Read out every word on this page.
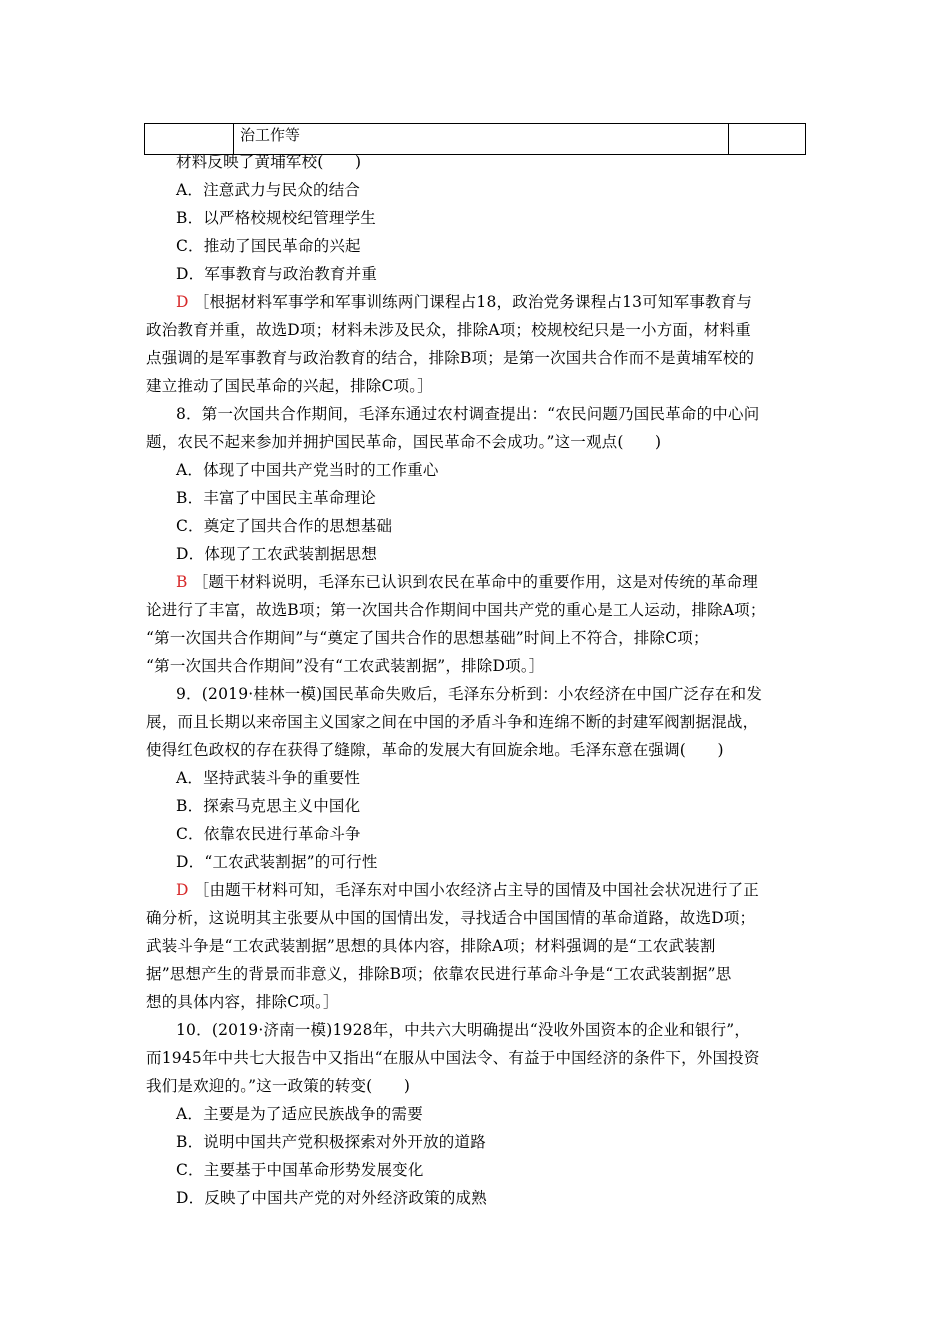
	治工作等	
材料反映了黄埔军校(　　)
A．注意武力与民众的结合
B．以严格校规校纪管理学生
C．推动了国民革命的兴起
D．军事教育与政治教育并重
D ［根据材料军事学和军事训练两门课程占18，政治党务课程占13可知军事教育与
政治教育并重，故选D项；材料未涉及民众，排除A项；校规校纪只是一小方面，材料重
点强调的是军事教育与政治教育的结合，排除B项；是第一次国共合作而不是黄埔军校的
建立推动了国民革命的兴起，排除C项。］
8．第一次国共合作期间，毛泽东通过农村调查提出：“农民问题乃国民革命的中心问
题，农民不起来参加并拥护国民革命，国民革命不会成功。”这一观点(　　)
A．体现了中国共产党当时的工作重心
B．丰富了中国民主革命理论
C．奠定了国共合作的思想基础
D．体现了工农武装割据思想
B ［题干材料说明，毛泽东已认识到农民在革命中的重要作用，这是对传统的革命理
论进行了丰富，故选B项；第一次国共合作期间中国共产党的重心是工人运动，排除A项；
“第一次国共合作期间”与“奠定了国共合作的思想基础”时间上不符合，排除C项；
“第一次国共合作期间”没有“工农武装割据”，排除D项。］
9．(2019·桂林一模)国民革命失败后，毛泽东分析到：小农经济在中国广泛存在和发
展，而且长期以来帝国主义国家之间在中国的矛盾斗争和连绵不断的封建军阀割据混战，
使得红色政权的存在获得了缝隙，革命的发展大有回旋余地。毛泽东意在强调(　　)
A．坚持武装斗争的重要性
B．探索马克思主义中国化
C．依靠农民进行革命斗争
D．“工农武装割据”的可行性
D ［由题干材料可知，毛泽东对中国小农经济占主导的国情及中国社会状况进行了正
确分析，这说明其主张要从中国的国情出发，寻找适合中国国情的革命道路，故选D项；
武装斗争是“工农武装割据”思想的具体内容，排除A项；材料强调的是“工农武装割
据”思想产生的背景而非意义，排除B项；依靠农民进行革命斗争是“工农武装割据”思
想的具体内容，排除C项。］
10．(2019·济南一模)1928年，中共六大明确提出“没收外国资本的企业和银行”，
而1945年中共七大报告中又指出“在服从中国法令、有益于中国经济的条件下，外国投资
我们是欢迎的。”这一政策的转变(　　)
A．主要是为了适应民族战争的需要
B．说明中国共产党积极探索对外开放的道路
C．主要基于中国革命形势发展变化
D．反映了中国共产党的对外经济政策的成熟
